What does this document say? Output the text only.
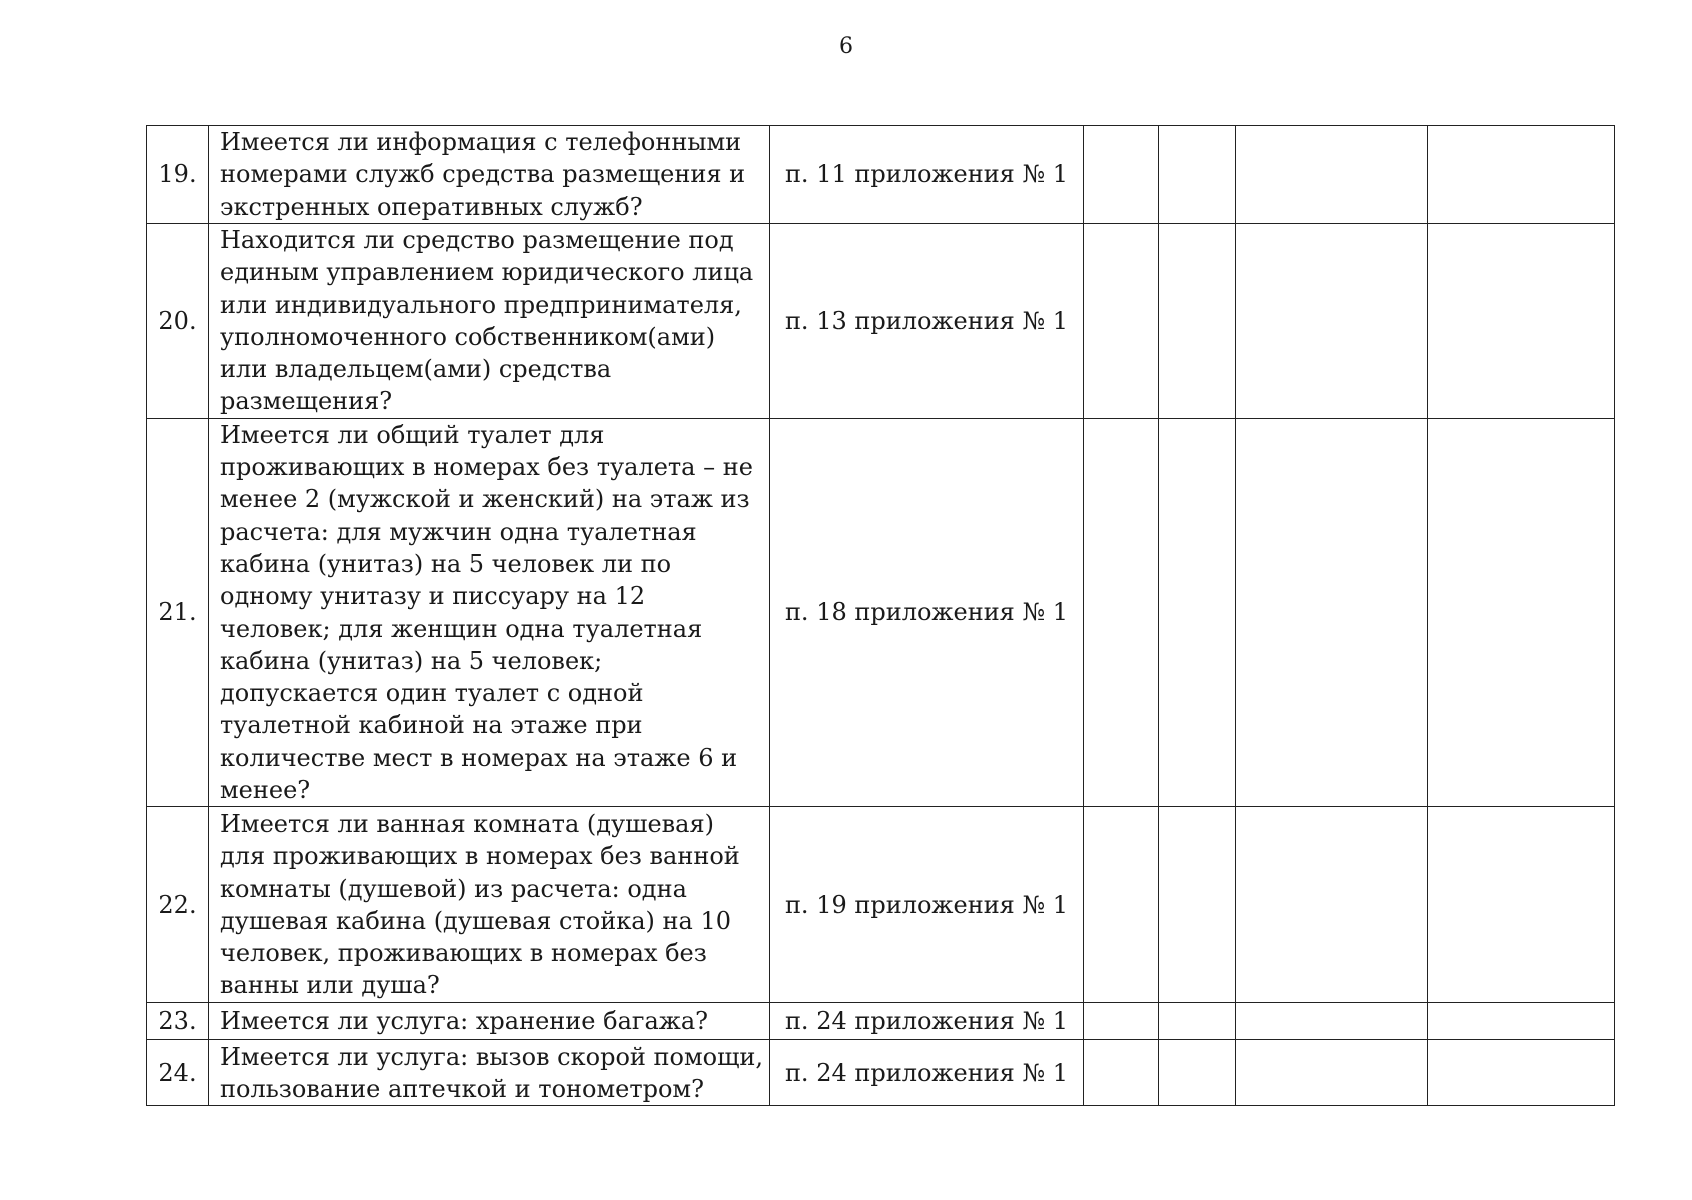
6
19.	Имеется ли информация с телефонными номерами служб средства размещения и экстренных оперативных служб?	п. 11 приложения № 1				
20.	Находится ли средство размещение под единым управлением юридического лица или индивидуального предпринимателя, уполномоченного собственником(ами) или владельцем(ами) средства размещения?	п. 13 приложения № 1				
21.	Имеется ли общий туалет для проживающих в номерах без туалета – не менее 2 (мужской и женский) на этаж из расчета: для мужчин одна туалетная кабина (унитаз) на 5 человек ли по одному унитазу и писсуару на 12 человек; для женщин одна туалетная кабина (унитаз) на 5 человек; допускается один туалет с одной туалетной кабиной на этаже при количестве мест в номерах на этаже 6 и менее?	п. 18 приложения № 1				
22.	Имеется ли ванная комната (душевая) для проживающих в номерах без ванной комнаты (душевой) из расчета: одна душевая кабина (душевая стойка) на 10 человек, проживающих в номерах без ванны или душа?	п. 19 приложения № 1				
23.	Имеется ли услуга: хранение багажа?	п. 24 приложения № 1				
24.	Имеется ли услуга: вызов скорой помощи, пользование аптечкой и тонометром?	п. 24 приложения № 1				
